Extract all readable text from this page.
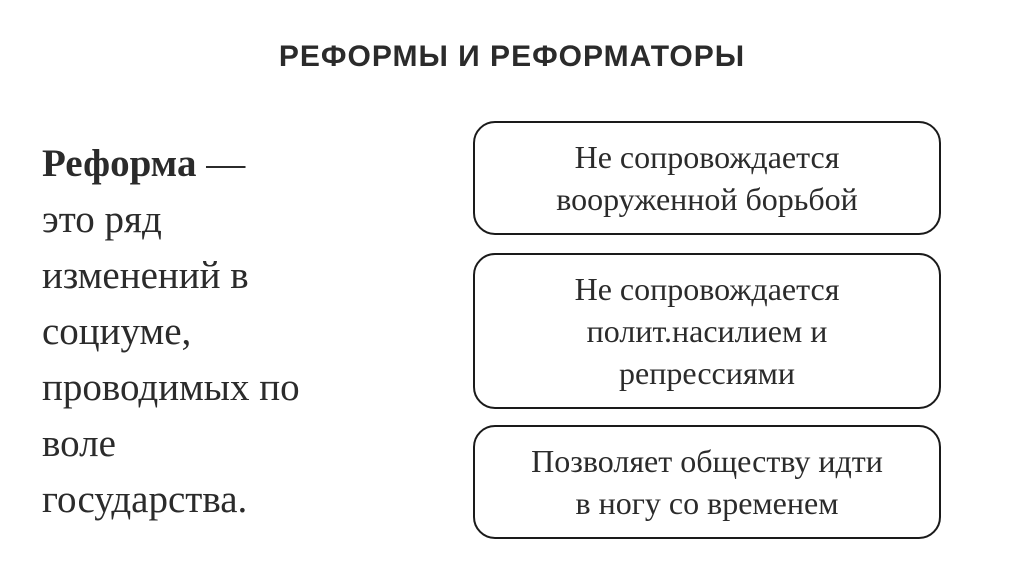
РЕФОРМЫ И РЕФОРМАТОРЫ
Реформа —
это ряд
изменений в
социуме,
проводимых по
воле
государства.
Не сопровождается
вооруженной борьбой
Не сопровождается
полит.насилием и
репрессиями
Позволяет обществу идти
в ногу со временем
